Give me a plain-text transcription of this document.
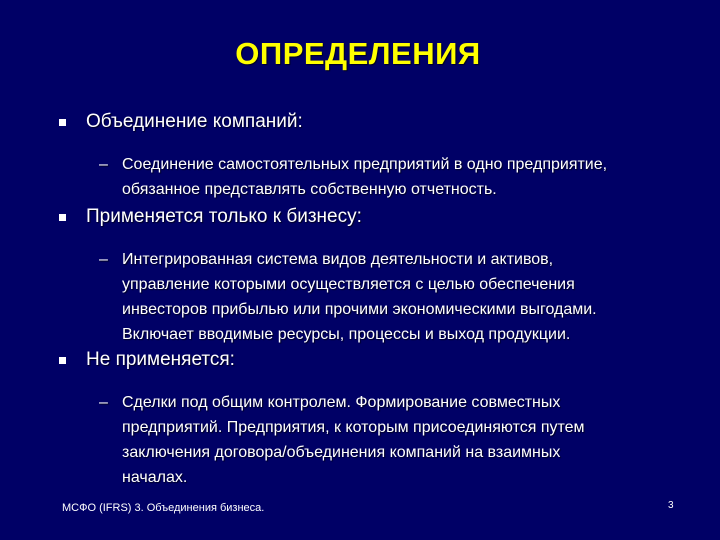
ОПРЕДЕЛЕНИЯ
Объединение компаний:
– Соединение самостоятельных предприятий в одно предприятие,
обязанное представлять собственную отчетность.
Применяется только к бизнесу:
– Интегрированная система видов деятельности и активов,
управление которыми осуществляется с целью обеспечения
инвесторов прибылью или прочими экономическими выгодами.
Включает вводимые ресурсы, процессы и выход продукции.
Не применяется:
– Сделки под общим контролем. Формирование совместных
предприятий. Предприятия, к которым присоединяются путем
заключения договора/объединения компаний на взаимных
началах.
МСФО (IFRS) 3. Объединения бизнеса.	3
